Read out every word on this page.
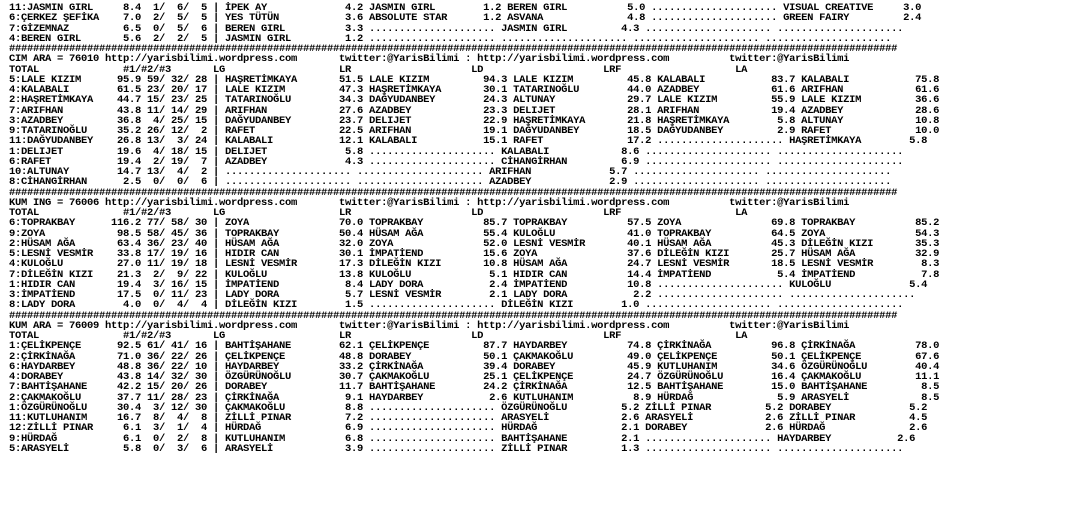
11:JASMIN GIRL     8.4  1/  6/  5 | İPEK AY             4.2 JASMIN GIRL        1.2 BEREN GIRL          5.0 ..................... VISUAL CREATIVE     3.0
6:ÇERKEZ ŞEFİKA    7.0  2/  5/  5 | YES TÜTÜN           3.6 ABSOLUTE STAR      1.2 ASVANA              4.8 ..................... GREEN FAIRY         2.4
7:GİZEMNAZ         6.5  0/  5/  6 | BEREN GIRL          3.3 ..................... JASMIN GIRL         4.3 ..................... .....................
4:BEREN GIRL       5.6  2/  2/  5 | JASMIN GIRL         1.2 ..................... ..................... ..................... .....................
####################################################################################################################################################
CIM ARA = 76010 http://yarisbilimi.wordpress.com       twitter:@YarisBilimi : http://yarisbilimi.wordpress.com          twitter:@YarisBilimi
TOTAL              #1/#2/#3       LG                   LR                    LD                    LRF                   LA
5:LALE KIZIM      95.9 59/ 32/ 28 | HAŞRETİMKAYA       51.5 LALE KIZIM         94.3 LALE KIZIM         45.8 KALABALI           83.7 KALABALI           75.8
4:KALABALI        61.5 23/ 20/ 17 | LALE KIZIM         47.3 HAŞRETİMKAYA       30.1 TATARINOĞLU        44.0 AZADBEY            61.6 ARIFHAN            61.6
2:HAŞRETİMKAYA    44.7 15/ 23/ 25 | TATARINOĞLU        34.3 DAĞYUDANBEY        24.3 ALTUNAY            29.7 LALE KIZIM         55.9 LALE KIZIM         36.6
7:ARIFHAN         43.8 11/ 14/ 29 | ARIFHAN            27.6 AZADBEY            23.3 DELIJET            28.1 ARIFHAN            19.4 AZADBEY            28.6
3:AZADBEY         36.8  4/ 25/ 15 | DAĞYUDANBEY        23.7 DELIJET            22.9 HAŞRETİMKAYA       21.8 HAŞRETİMKAYA        5.8 ALTUNAY            10.8
9:TATARINOĞLU     35.2 26/ 12/  2 | RAFET              22.5 ARIFHAN            19.1 DAĞYUDANBEY        18.5 DAĞYUDANBEY         2.9 RAFET              10.0
11:DAĞYUDANBEY    26.8 13/  3/ 24 | KALABALI           12.1 KALABALI           15.1 RAFET              17.2 ..................... HAŞRETİMKAYA        5.8
1:DELIJET         19.6  4/ 18/ 15 | DELIJET             5.8 ..................... KALABALI            8.6 ..................... .....................
6:RAFET           19.4  2/ 19/  7 | AZADBEY             4.3 ..................... CİHANGİRHAN         6.9 ..................... .....................
10:ALTUNAY        14.7 13/  4/  2 | ..................... ..................... ARIFHAN             5.7 ..................... .....................
8:CİHANGİRHAN      2.5  0/  0/  6 | ..................... ..................... AZADBEY             2.9 ..................... .....................
####################################################################################################################################################
KUM ING = 76006 http://yarisbilimi.wordpress.com       twitter:@YarisBilimi : http://yarisbilimi.wordpress.com          twitter:@YarisBilimi
TOTAL              #1/#2/#3       LG                   LR                    LD                    LRF                   LA
6:TOPRAKBAY      116.2 77/ 58/ 30 | ZOYA               70.0 TOPRAKBAY          85.7 TOPRAKBAY          57.5 ZOYA               69.8 TOPRAKBAY          85.2
9:ZOYA            98.5 58/ 45/ 36 | TOPRAKBAY          50.4 HÜSAM AĞA          55.4 KULOĞLU            41.0 TOPRAKBAY          64.5 ZOYA               54.3
2:HÜSAM AĞA       63.4 36/ 23/ 40 | HÜSAM AĞA          32.0 ZOYA               52.0 LESNİ VESMİR       40.1 HÜSAM AĞA          45.3 DİLEĞİN KIZI       35.3
5:LESNİ VESMİR    33.8 17/ 19/ 16 | HIDIR CAN          30.1 İMPATİEND          15.6 ZOYA               37.6 DİLEĞİN KIZI       25.7 HÜSAM AĞA          32.9
4:KULOĞLU         27.0 11/ 19/ 18 | LESNİ VESMİR       17.3 DİLEĞİN KIZI       10.8 HÜSAM AĞA          24.7 LESNİ VESMİR       18.5 LESNİ VESMİR        8.3
7:DİLEĞİN KIZI    21.3  2/  9/ 22 | KULOĞLU            13.8 KULOĞLU             5.1 HIDIR CAN          14.4 İMPATİEND           5.4 İMPATİEND           7.8
1:HIDIR CAN       19.4  3/ 16/ 15 | İMPATİEND           8.4 LADY DORA           2.4 İMPATİEND          10.8 ..................... KULOĞLU             5.4
3:İMPATİEND       17.5  0/ 11/ 23 | LADY DORA           5.7 LESNİ VESMİR        2.1 LADY DORA           2.2 ..................... .....................
8:LADY DORA        4.0  0/  4/  4 | DİLEĞİN KIZI        1.5 ..................... DİLEĞİN KIZI        1.0 ..................... .....................
####################################################################################################################################################
KUM ARA = 76009 http://yarisbilimi.wordpress.com       twitter:@YarisBilimi : http://yarisbilimi.wordpress.com          twitter:@YarisBilimi
TOTAL              #1/#2/#3       LG                   LR                    LD                    LRF                   LA
1:ÇELİKPENÇE      92.5 61/ 41/ 16 | BAHTİŞAHANE        62.1 ÇELİKPENÇE         87.7 HAYDARBEY          74.8 ÇİRKİNAĞA          96.8 ÇİRKİNAĞA          78.0
2:ÇİRKİNAĞA       71.0 36/ 22/ 26 | ÇELİKPENÇE         48.8 DORABEY            50.1 ÇAKMAKOĞLU         49.0 ÇELİKPENÇE         50.1 ÇELİKPENÇE         67.6
6:HAYDARBEY       48.8 36/ 22/ 10 | HAYDARBEY          33.2 ÇİRKİNAĞA          39.4 DORABEY            45.9 KUTLUHANIM         34.6 ÖZGÜRÜNOĞLU        40.4
4:DORABEY         43.8 14/ 32/ 30 | ÖZGÜRÜNOĞLU        30.7 ÇAKMAKOĞLU         25.1 ÇELİKPENÇE         24.7 ÖZGÜRÜNOĞLU        16.4 ÇAKMAKOĞLU         11.1
7:BAHTİŞAHANE     42.2 15/ 20/ 26 | DORABEY            11.7 BAHTİŞAHANE        24.2 ÇİRKİNAĞA          12.5 BAHTİŞAHANE        15.0 BAHTİŞAHANE         8.5
2:ÇAKMAKOĞLU      37.7 11/ 28/ 23 | ÇİRKİNAĞA           9.1 HAYDARBEY           2.6 KUTLUHANIM          8.9 HÜRDAĞ              5.9 ARASYELİ            8.5
1:ÖZGÜRÜNOĞLU     30.4  3/ 12/ 30 | ÇAKMAKOĞLU          8.8 ..................... ÖZGÜRÜNOĞLU         5.2 ZİLLİ PINAR         5.2 DORABEY             5.2
11:KUTLUHANIM     16.7  8/  4/  8 | ZİLLİ PINAR         7.2 ..................... ARASYELİ            2.6 ARASYELİ            2.6 ZİLLİ PINAR         4.5
12:ZİLLİ PINAR     6.1  3/  1/  4 | HÜRDAĞ              6.9 ..................... HÜRDAĞ              2.1 DORABEY             2.6 HÜRDAĞ              2.6
9:HÜRDAĞ           6.1  0/  2/  8 | KUTLUHANIM          6.8 ..................... BAHTİŞAHANE         2.1 ..................... HAYDARBEY           2.6
5:ARASYELİ         5.8  0/  3/  6 | ARASYELİ            3.9 ..................... ZİLLİ PINAR         1.3 ..................... .....................
